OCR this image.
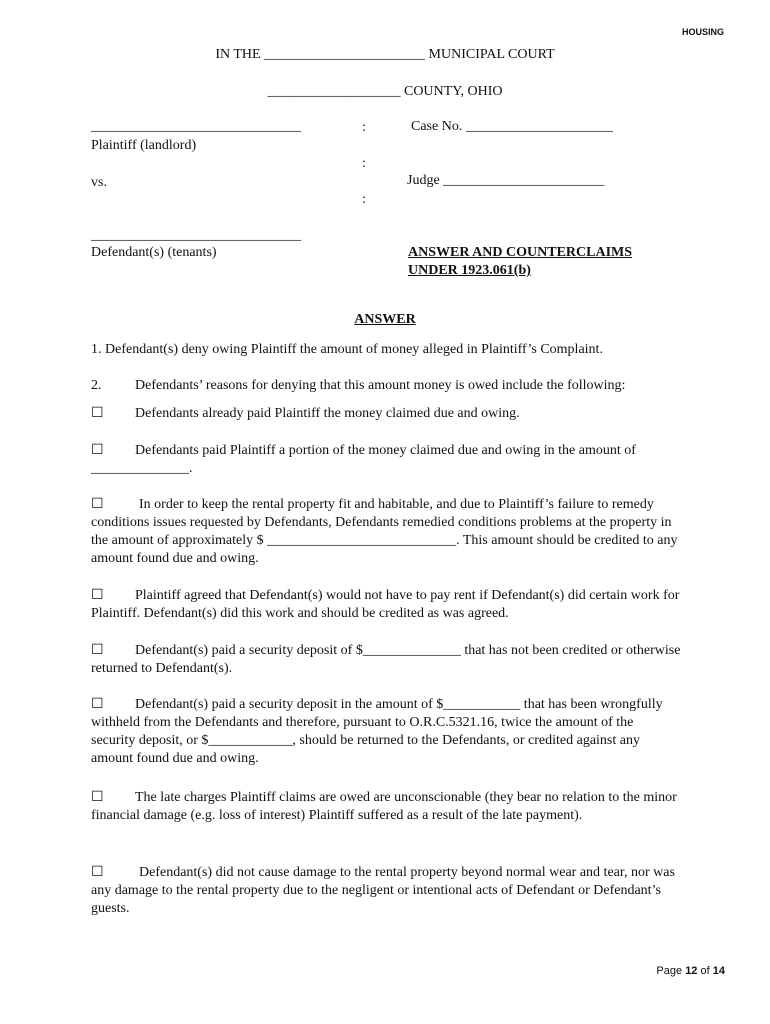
HOUSING
IN THE _______________________ MUNICIPAL COURT
___________________ COUNTY, OHIO
______________________________
Plaintiff (landlord)
vs.
______________________________
Defendant(s) (tenants)
:
:
:
Case No. _____________________
Judge _______________________
ANSWER AND COUNTERCLAIMS
UNDER 1923.061(b)
ANSWER
1. Defendant(s) deny owing Plaintiff the amount of money alleged in Plaintiff’s Complaint.
2. Defendants’ reasons for denying that this amount money is owed include the following:
☐ Defendants already paid Plaintiff the money claimed due and owing.
☐ Defendants paid Plaintiff a portion of the money claimed due and owing in the amount of ______________.
☐	In order to keep the rental property fit and habitable, and due to Plaintiff’s failure to remedy conditions issues requested by Defendants, Defendants remedied conditions problems at the property in the amount of approximately $ ___________________________. This amount should be credited to any amount found due and owing.
☐ Plaintiff agreed that Defendant(s) would not have to pay rent if Defendant(s) did certain work for Plaintiff. Defendant(s) did this work and should be credited as was agreed.
☐ Defendant(s) paid a security deposit of $______________ that has not been credited or otherwise returned to Defendant(s).
☐ Defendant(s) paid a security deposit in the amount of $___________ that has been wrongfully withheld from the Defendants and therefore, pursuant to O.R.C.5321.16, twice the amount of the security deposit, or $____________, should be returned to the Defendants, or credited against any amount found due and owing.
☐ The late charges Plaintiff claims are owed are unconscionable (they bear no relation to the minor financial damage (e.g. loss of interest) Plaintiff suffered as a result of the late payment).
☐	Defendant(s) did not cause damage to the rental property beyond normal wear and tear, nor was any damage to the rental property due to the negligent or intentional acts of Defendant or Defendant’s guests.
Page 12 of 14
